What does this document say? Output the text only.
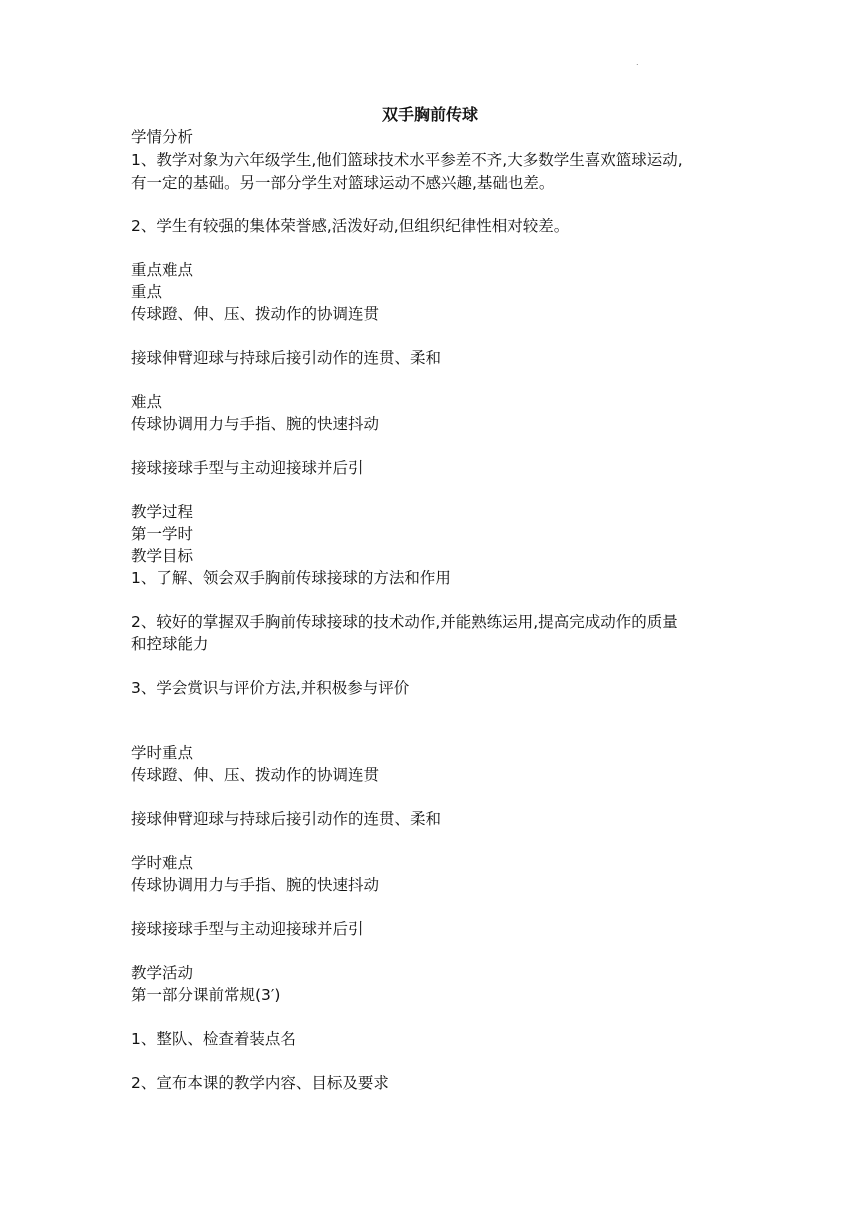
.
双手胸前传球
学情分析
1、教学对象为六年级学生,他们篮球技术水平参差不齐,大多数学生喜欢篮球运动,
有一定的基础。另一部分学生对篮球运动不感兴趣,基础也差。
2、学生有较强的集体荣誉感,活泼好动,但组织纪律性相对较差。
重点难点
重点
传球蹬、伸、压、拨动作的协调连贯
接球伸臂迎球与持球后接引动作的连贯、柔和
难点
传球协调用力与手指、腕的快速抖动
接球接球手型与主动迎接球并后引
教学过程
第一学时
教学目标
1、了解、领会双手胸前传球接球的方法和作用
2、较好的掌握双手胸前传球接球的技术动作,并能熟练运用,提高完成动作的质量
和控球能力
3、学会赏识与评价方法,并积极参与评价
学时重点
传球蹬、伸、压、拨动作的协调连贯
接球伸臂迎球与持球后接引动作的连贯、柔和
学时难点
传球协调用力与手指、腕的快速抖动
接球接球手型与主动迎接球并后引
教学活动
第一部分课前常规(3′)
1、整队、检查着装点名
2、宣布本课的教学内容、目标及要求
